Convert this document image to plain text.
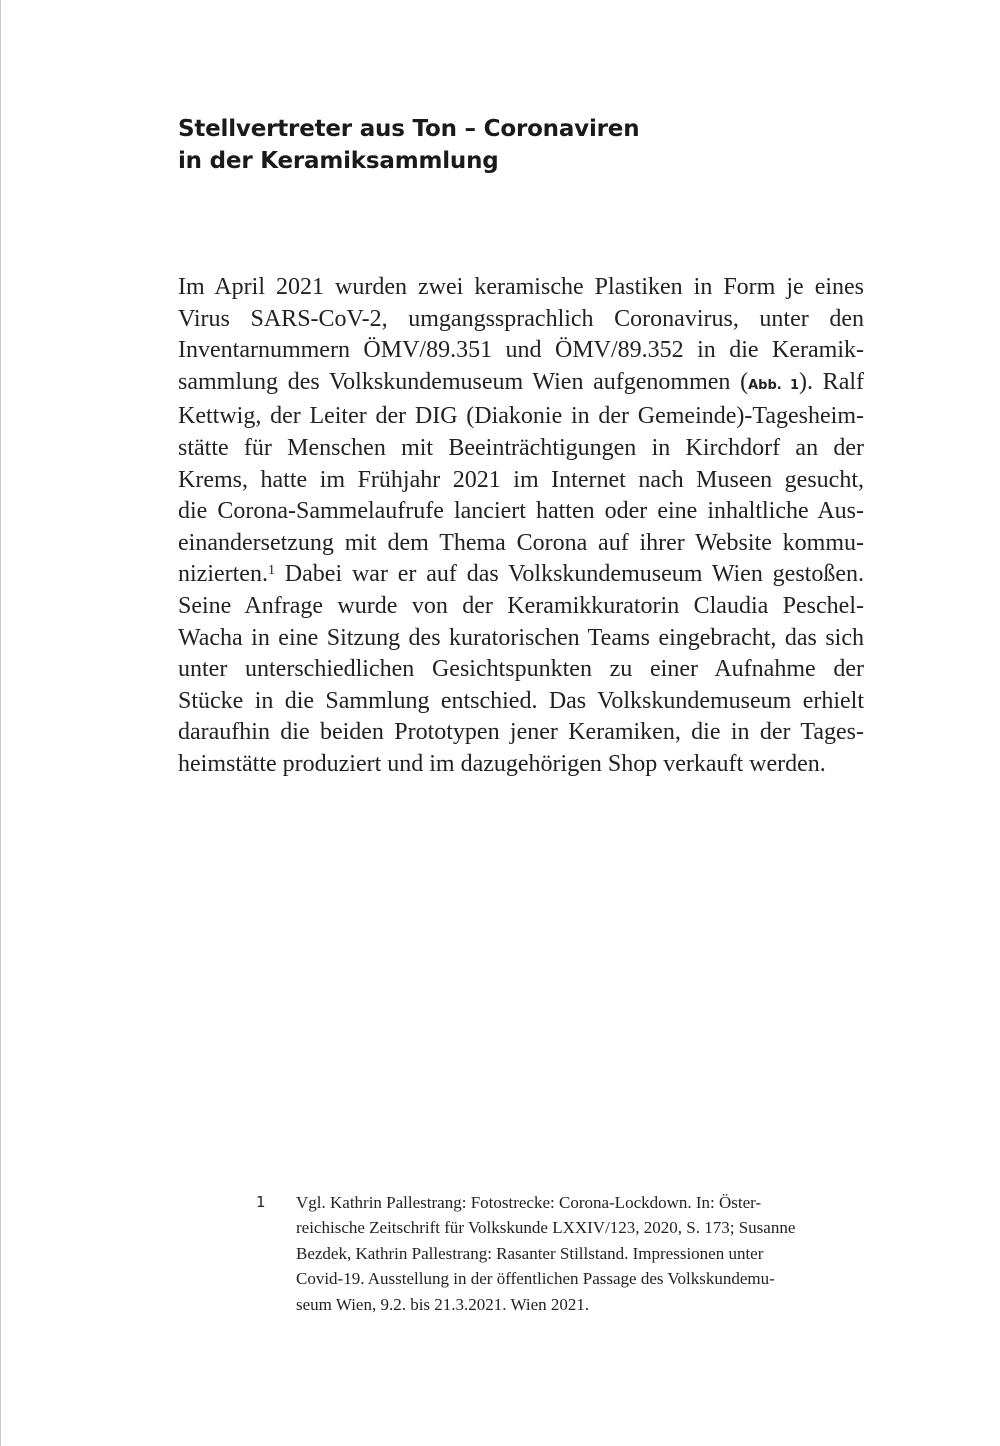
Stellvertreter aus Ton – Coronaviren
in der Keramiksammlung
Im April 2021 wurden zwei keramische Plastiken in Form je eines
Virus SARS-CoV-2, umgangssprachlich Coronavirus, unter den
Inventarnummern ÖMV/89.351 und ÖMV/89.352 in die Keramik-
sammlung des Volkskundemuseum Wien aufgenommen (Abb. 1). Ralf
Kettwig, der Leiter der DIG (Diakonie in der Gemeinde)-Tagesheim-
stätte für Menschen mit Beeinträchtigungen in Kirchdorf an der
Krems, hatte im Frühjahr 2021 im Internet nach Museen gesucht,
die Corona-Sammelaufrufe lanciert hatten oder eine inhaltliche Aus-
einandersetzung mit dem Thema Corona auf ihrer Website kommu-
nizierten.$^1$ Dabei war er auf das Volkskundemuseum Wien gestoßen.
Seine Anfrage wurde von der Keramikkuratorin Claudia Peschel-
Wacha in eine Sitzung des kuratorischen Teams eingebracht, das sich
unter unterschiedlichen Gesichtspunkten zu einer Aufnahme der
Stücke in die Sammlung entschied. Das Volkskundemuseum erhielt
daraufhin die beiden Prototypen jener Keramiken, die in der Tages-
heimstätte produziert und im dazugehörigen Shop verkauft werden.
1 Vgl. Kathrin Pallestrang: Fotostrecke: Corona-Lockdown. In: Öster-
reichische Zeitschrift für Volkskunde LXXIV/123, 2020, S. 173; Susanne
Bezdek, Kathrin Pallestrang: Rasanter Stillstand. Impressionen unter
Covid-19. Ausstellung in der öffentlichen Passage des Volkskundemu-
seum Wien, 9.2. bis 21.3.2021. Wien 2021.
